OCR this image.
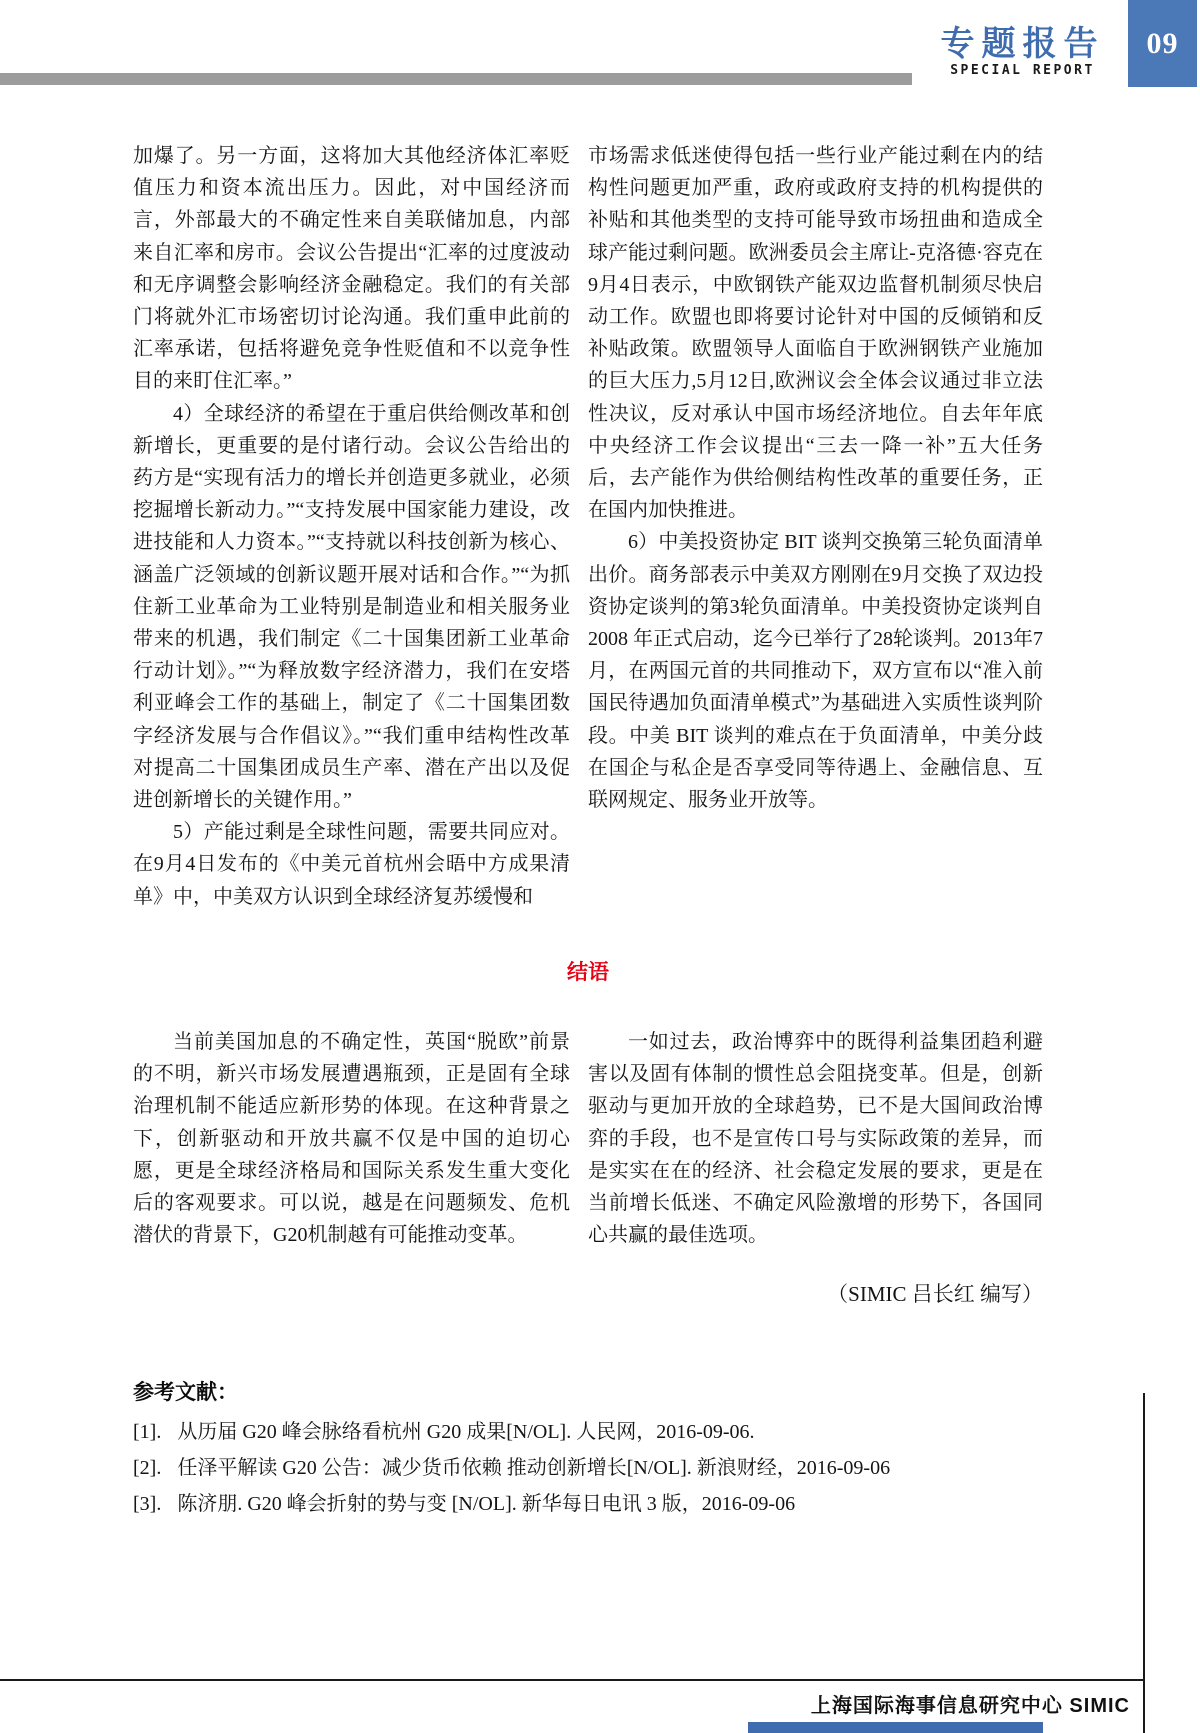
专题报告
SPECIAL REPORT
09

加爆了。另一方面，这将加大其他经济体汇率贬值压力和资本流出压力。因此，对中国经济而言，外部最大的不确定性来自美联储加息，内部来自汇率和房市。会议公告提出“汇率的过度波动和无序调整会影响经济金融稳定。我们的有关部门将就外汇市场密切讨论沟通。我们重申此前的汇率承诺，包括将避免竞争性贬值和不以竞争性目的来盯住汇率。”

4）全球经济的希望在于重启供给侧改革和创新增长，更重要的是付诸行动。会议公告给出的药方是“实现有活力的增长并创造更多就业，必须挖掘增长新动力。”“支持发展中国家能力建设，改进技能和人力资本。”“支持就以科技创新为核心、涵盖广泛领域的创新议题开展对话和合作。”“为抓住新工业革命为工业特别是制造业和相关服务业带来的机遇，我们制定《二十国集团新工业革命行动计划》。”“为释放数字经济潜力，我们在安塔利亚峰会工作的基础上，制定了《二十国集团数字经济发展与合作倡议》。”“我们重申结构性改革对提高二十国集团成员生产率、潜在产出以及促进创新增长的关键作用。”

5）产能过剩是全球性问题，需要共同应对。在9月4日发布的《中美元首杭州会晤中方成果清单》中，中美双方认识到全球经济复苏缓慢和

市场需求低迷使得包括一些行业产能过剩在内的结构性问题更加严重，政府或政府支持的机构提供的补贴和其他类型的支持可能导致市场扭曲和造成全球产能过剩问题。欧洲委员会主席让-克洛德·容克在9月4日表示，中欧钢铁产能双边监督机制须尽快启动工作。欧盟也即将要讨论针对中国的反倾销和反补贴政策。欧盟领导人面临自于欧洲钢铁产业施加的巨大压力,5月12日,欧洲议会全体会议通过非立法性决议，反对承认中国市场经济地位。自去年年底中央经济工作会议提出“三去一降一补”五大任务后，去产能作为供给侧结构性改革的重要任务，正在国内加快推进。

6）中美投资协定 BIT 谈判交换第三轮负面清单出价。商务部表示中美双方刚刚在9月交换了双边投资协定谈判的第3轮负面清单。中美投资协定谈判自 2008 年正式启动，迄今已举行了28轮谈判。2013年7月，在两国元首的共同推动下，双方宣布以“准入前国民待遇加负面清单模式”为基础进入实质性谈判阶段。中美 BIT 谈判的难点在于负面清单，中美分歧在国企与私企是否享受同等待遇上、金融信息、互联网规定、服务业开放等。

结语

当前美国加息的不确定性，英国“脱欧”前景的不明，新兴市场发展遭遇瓶颈，正是固有全球治理机制不能适应新形势的体现。在这种背景之下，创新驱动和开放共赢不仅是中国的迫切心愿，更是全球经济格局和国际关系发生重大变化后的客观要求。可以说，越是在问题频发、危机潜伏的背景下，G20机制越有可能推动变革。

一如过去，政治博弈中的既得利益集团趋利避害以及固有体制的惯性总会阻挠变革。但是，创新驱动与更加开放的全球趋势，已不是大国间政治博弈的手段，也不是宣传口号与实际政策的差异，而是实实在在的经济、社会稳定发展的要求，更是在当前增长低迷、不确定风险激增的形势下，各国同心共赢的最佳选项。

（SIMIC 吕长红 编写）
参考文献：
[1]. 从历届 G20 峰会脉络看杭州 G20 成果[N/OL]. 人民网，2016-09-06.
[2]. 任泽平解读 G20 公告：减少货币依赖 推动创新增长[N/OL]. 新浪财经，2016-09-06
[3]. 陈济朋. G20 峰会折射的势与变 [N/OL]. 新华每日电讯 3 版，2016-09-06
上海国际海事信息研究中心 SIMIC
